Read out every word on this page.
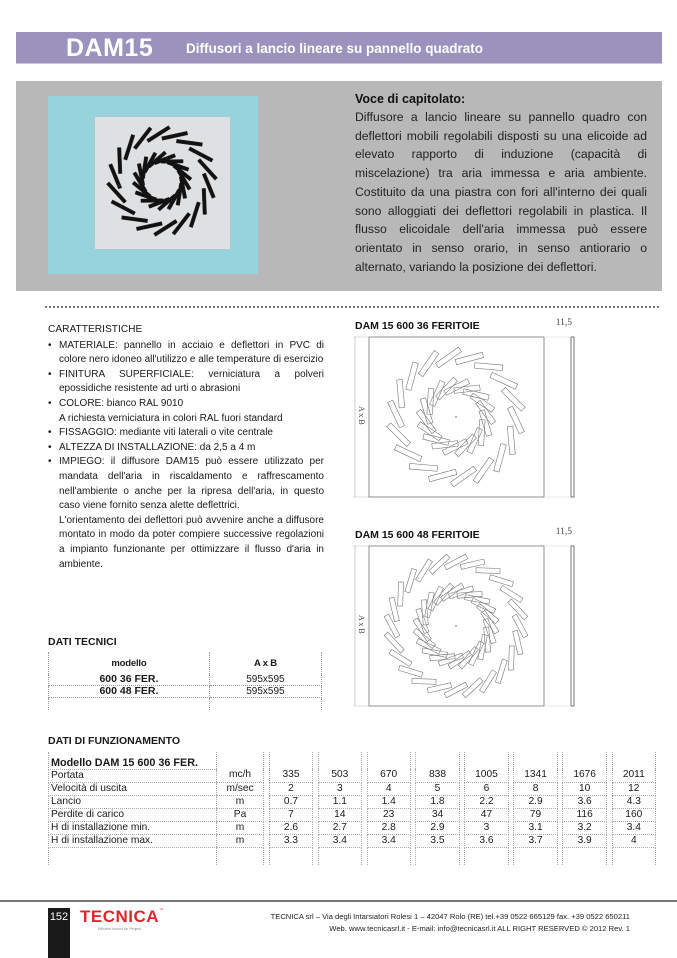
DAM15 Diffusori a lancio lineare su pannello quadrato
Voce di capitolato:
Diffusore a lancio lineare su pannello quadro con deflettori mobili regolabili disposti su una elicoide ad elevato rapporto di induzione (capacità di miscelazione) tra aria immessa e aria ambiente. Costituito da una piastra con fori all'interno dei quali sono alloggiati dei deflettori regolabili in plastica. Il flusso elicoidale dell'aria immessa può essere orientato in senso orario, in senso antiorario o alternato, variando la posizione dei deflettori.
CARATTERISTICHE
• MATERIALE: pannello in acciaio e deflettori in PVC di colore nero idoneo all'utilizzo e alle temperature di esercizio
• FINITURA SUPERFICIALE: verniciatura a polveri epossidiche resistente ad urti o abrasioni
• COLORE: bianco RAL 9010
A richiesta verniciatura in colori RAL fuori standard
• FISSAGGIO: mediante viti laterali o vite centrale
• ALTEZZA DI INSTALLAZIONE: da 2,5 a 4 m
• IMPIEGO: il diffusore DAM15 può essere utilizzato per mandata dell'aria in riscaldamento e raffrescamento nell'ambiente o anche per la ripresa dell'aria, in questo caso viene fornito senza alette deflettrici.
L'orientamento dei deflettori può avvenire anche a diffusore montato in modo da poter compiere successive regolazioni a impianto funzionante per ottimizzare il flusso d'aria in ambiente.
DAM 15 600 36 FERITOIE	11,5
A x B
DAM 15 600 48 FERITOIE	11,5
A x B
DATI TECNICI
modello	A x B
600 36 FER.	595x595
600 48 FER.	595x595

DATI DI FUNZIONAMENTO
Modello DAM 15 600 36 FER.																	
Portata	mc/h		335		503		670		838		1005		1341		1676		2011
Velocità di uscita	m/sec		2		3		4		5		6		8		10		12
Lancio	m		0.7		1.1		1.4		1.8		2.2		2.9		3.6		4.3
Perdite di carico	Pa		7		14		23		34		47		79		116		160
H di installazione min.	m		2.6		2.7		2.8		2.9		3		3.1		3.2		3.4
H di installazione max.	m		3.3		3.4		3.4		3.5		3.6		3.7		3.9		4

152 TECNICA ™
Efficient Indoor Air Project
TECNICA srl – Via degli Intarsiatori Rolesi 1 – 42047 Rolo (RE) tel.+39 0522 665129 fax. +39 0522 650211
Web. www.tecnicasrl.it - E-mail: info@tecnicasrl.it ALL RIGHT RESERVED © 2012 Rev. 1
